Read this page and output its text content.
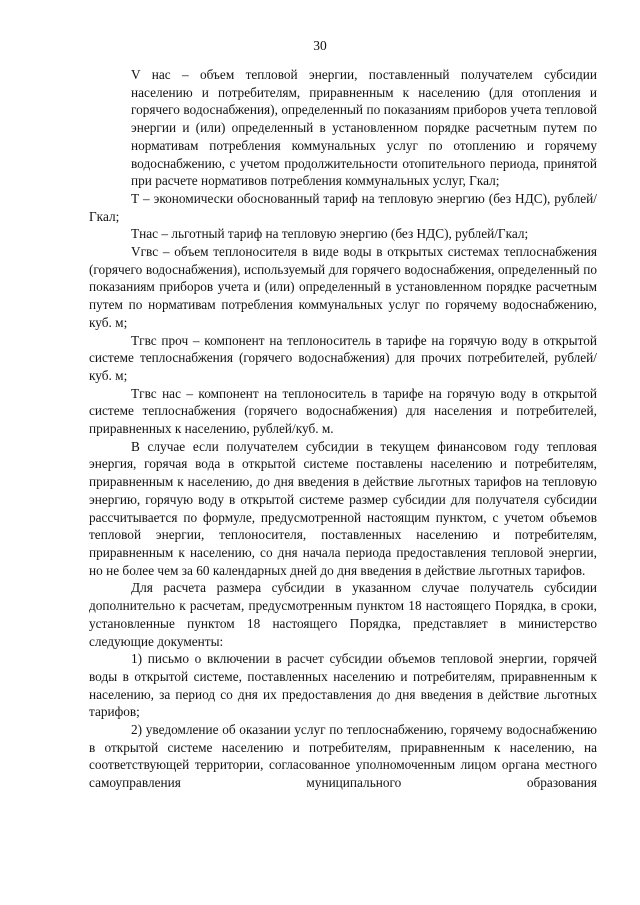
30

V нас – объем тепловой энергии, поставленный получателем субсидии населению и потребителям, приравненным к населению (для отопления и горячего водоснабжения), определенный по показаниям приборов учета тепловой энергии и (или) определенный в установленном порядке расчетным путем по нормативам потребления коммунальных услуг по отоплению и горячему водоснабжению, с учетом продолжительности отопительного периода, принятой при расчете нормативов потребления коммунальных услуг, Гкал;

Т – экономически обоснованный тариф на тепловую энергию (без НДС), рублей/Гкал;

Тнас – льготный тариф на тепловую энергию (без НДС), рублей/Гкал;

Vгвс – объем теплоносителя в виде воды в открытых системах теплоснабжения (горячего водоснабжения), используемый для горячего водоснабжения, определенный по показаниям приборов учета и (или) определенный в установленном порядке расчетным путем по нормативам потребления коммунальных услуг по горячему водоснабжению, куб. м;

Тгвс проч – компонент на теплоноситель в тарифе на горячую воду в открытой системе теплоснабжения (горячего водоснабжения) для прочих потребителей, рублей/куб. м;

Тгвс нас – компонент на теплоноситель в тарифе на горячую воду в открытой системе теплоснабжения (горячего водоснабжения) для населения и потребителей, приравненных к населению, рублей/куб. м.

В случае если получателем субсидии в текущем финансовом году тепловая энергия, горячая вода в открытой системе поставлены населению и потребителям, приравненным к населению, до дня введения в действие льготных тарифов на тепловую энергию, горячую воду в открытой системе размер субсидии для получателя субсидии рассчитывается по формуле, предусмотренной настоящим пунктом, с учетом объемов тепловой энергии, теплоносителя, поставленных населению и потребителям, приравненным к населению, со дня начала периода предоставления тепловой энергии, но не более чем за 60 календарных дней до дня введения в действие льготных тарифов.

Для расчета размера субсидии в указанном случае получатель субсидии дополнительно к расчетам, предусмотренным пунктом 18 настоящего Порядка, в сроки, установленные пунктом 18 настоящего Порядка, представляет в министерство следующие документы:

1) письмо о включении в расчет субсидии объемов тепловой энергии, горячей воды в открытой системе, поставленных населению и потребителям, приравненным к населению, за период со дня их предоставления до дня введения в действие льготных тарифов;

2) уведомление об оказании услуг по теплоснабжению, горячему водоснабжению в открытой системе населению и потребителям, приравненным к населению, на соответствующей территории, согласованное уполномоченным лицом органа местного самоуправления муниципального образования
